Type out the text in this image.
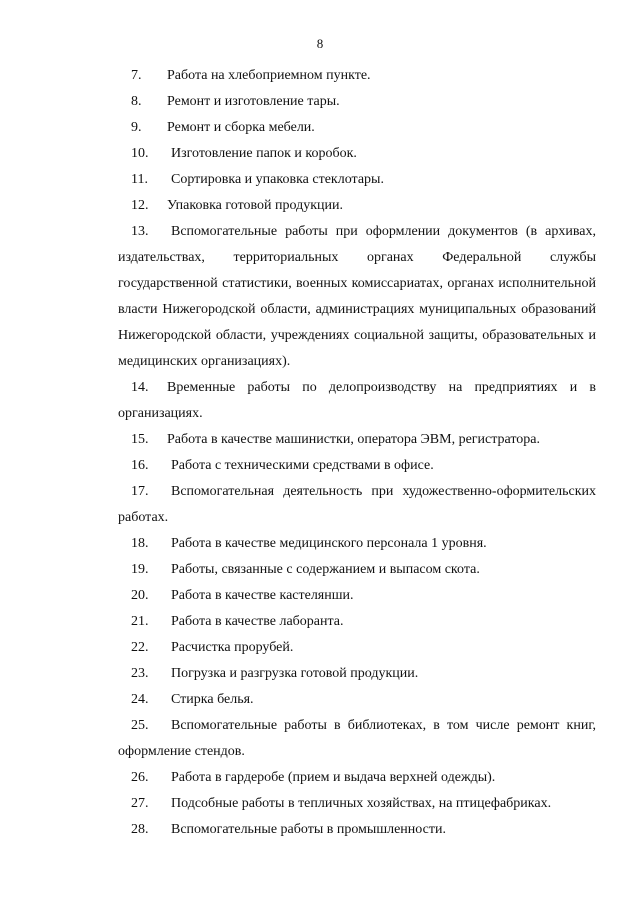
8

7. Работа на хлебоприемном пункте.

8. Ремонт и изготовление тары.

9. Ремонт и сборка мебели.

10. Изготовление папок и коробок.

11. Сортировка и упаковка стеклотары.

12. Упаковка готовой продукции.

13. Вспомогательные работы при оформлении документов (в архивах, издательствах, территориальных органах Федеральной службы государственной статистики, военных комиссариатах, органах исполнительной власти Нижегородской области, администрациях муниципальных образований Нижегородской области, учреждениях социальной защиты, образовательных и медицинских организациях).

14. Временные работы по делопроизводству на предприятиях и в организациях.

15. Работа в качестве машинистки, оператора ЭВМ, регистратора.

16. Работа с техническими средствами в офисе.

17. Вспомогательная деятельность при художественно-оформительских работах.

18. Работа в качестве медицинского персонала 1 уровня.

19. Работы, связанные с содержанием и выпасом скота.

20. Работа в качестве кастелянши.

21. Работа в качестве лаборанта.

22. Расчистка прорубей.

23. Погрузка и разгрузка готовой продукции.

24. Стирка белья.

25. Вспомогательные работы в библиотеках, в том числе ремонт книг, оформление стендов.

26. Работа в гардеробе (прием и выдача верхней одежды).

27. Подсобные работы в тепличных хозяйствах, на птицефабриках.

28. Вспомогательные работы в промышленности.
